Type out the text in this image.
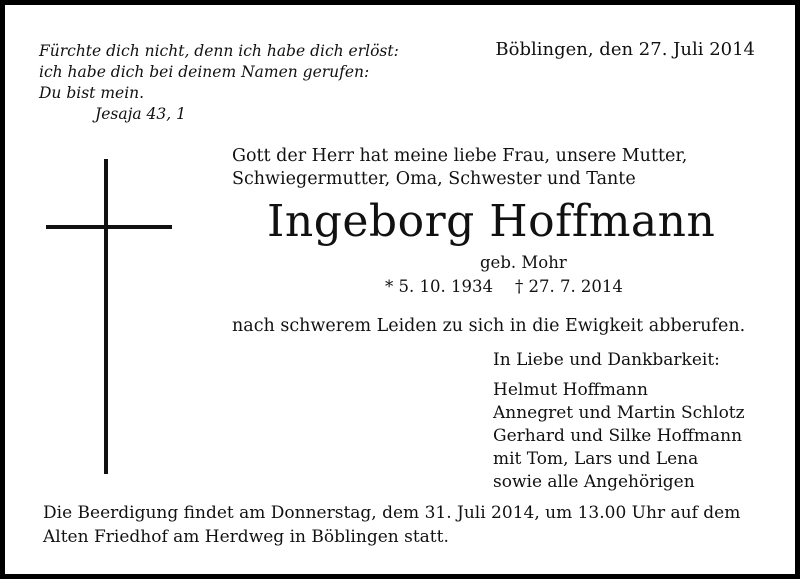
Fürchte dich nicht, denn ich habe dich erlöst:
ich habe dich bei deinem Namen gerufen:
Du bist mein.
Jesaja 43, 1
Böblingen, den 27. Juli 2014
Gott der Herr hat meine liebe Frau, unsere Mutter,
Schwiegermutter, Oma, Schwester und Tante
Ingeborg Hoffmann
geb. Mohr
* 5. 10. 1934 † 27. 7. 2014
nach schwerem Leiden zu sich in die Ewigkeit abberufen.
In Liebe und Dankbarkeit:
Helmut Hoffmann
Annegret und Martin Schlotz
Gerhard und Silke Hoffmann
mit Tom, Lars und Lena
sowie alle Angehörigen
Die Beerdigung findet am Donnerstag, dem 31. Juli 2014, um 13.00 Uhr auf dem
Alten Friedhof am Herdweg in Böblingen statt.
